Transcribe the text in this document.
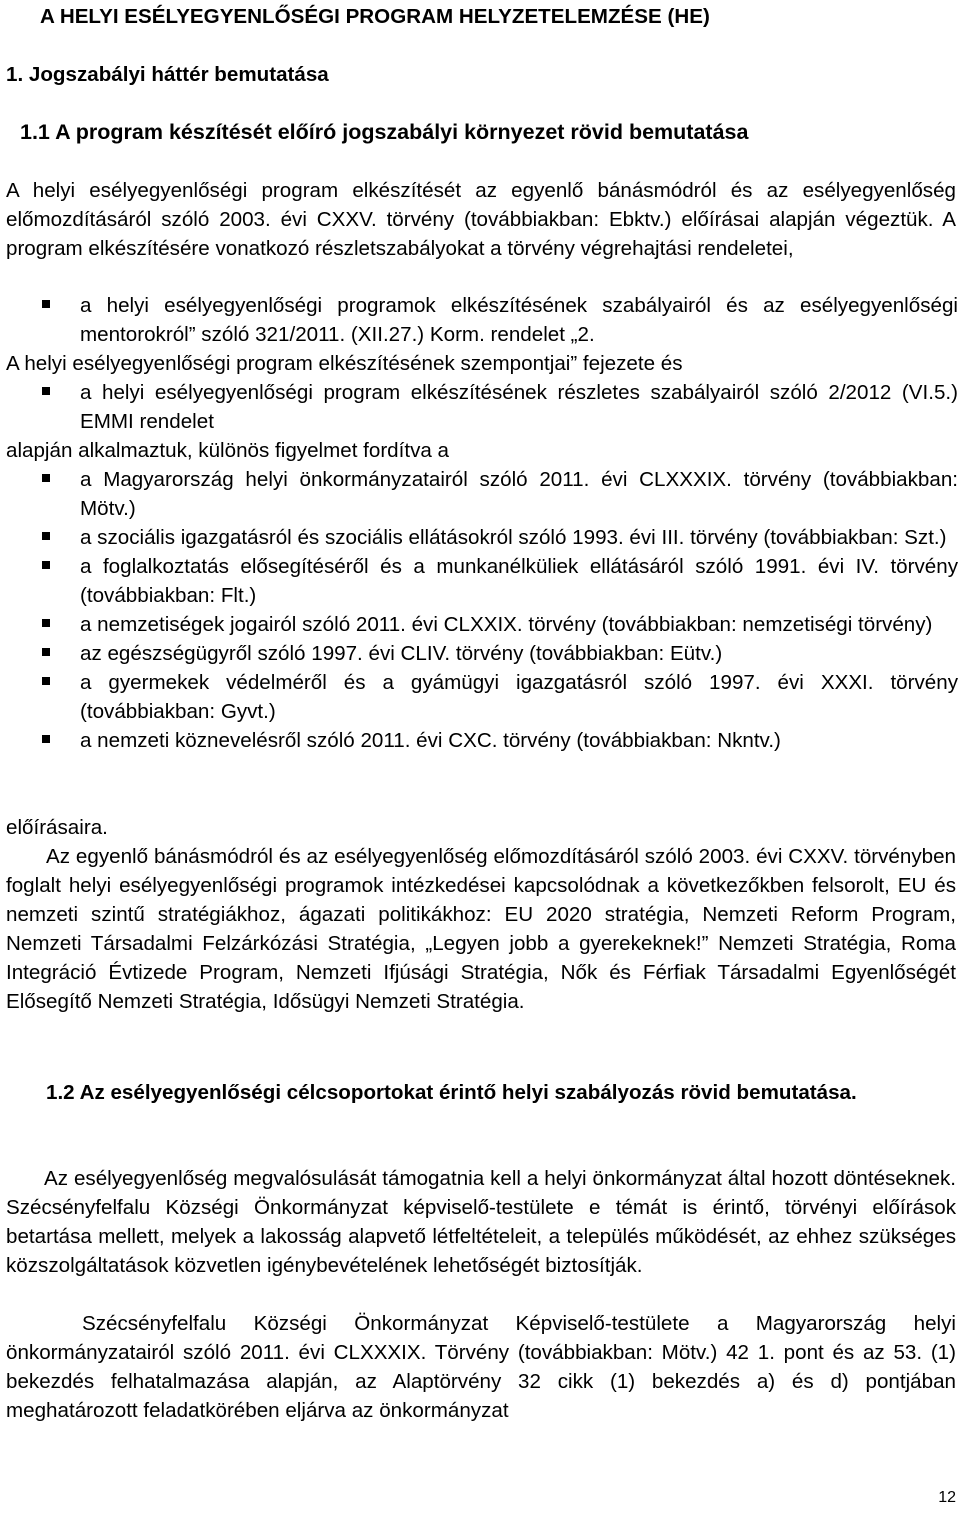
A HELYI ESÉLYEGYENLŐSÉGI PROGRAM HELYZETELEMZÉSE (HE)
1. Jogszabályi háttér bemutatása
1.1 A program készítését előíró jogszabályi környezet rövid bemutatása
A helyi esélyegyenlőségi program elkészítését az egyenlő bánásmódról és az esélyegyenlőség előmozdításáról szóló 2003. évi CXXV. törvény (továbbiakban: Ebktv.) előírásai alapján végeztük. A program elkészítésére vonatkozó részletszabályokat a törvény végrehajtási rendeletei,
a helyi esélyegyenlőségi programok elkészítésének szabályairól és az esélyegyenlőségi mentorokról” szóló 321/2011. (XII.27.) Korm. rendelet „2.
A helyi esélyegyenlőségi program elkészítésének szempontjai” fejezete és
a helyi esélyegyenlőségi program elkészítésének részletes szabályairól szóló 2/2012 (VI.5.) EMMI rendelet
alapján alkalmaztuk, különös figyelmet fordítva a
a Magyarország helyi önkormányzatairól szóló 2011. évi CLXXXIX. törvény (továbbiakban: Mötv.)
a szociális igazgatásról és szociális ellátásokról szóló 1993. évi III. törvény (továbbiakban: Szt.)
a foglalkoztatás elősegítéséről és a munkanélküliek ellátásáról szóló 1991. évi IV. törvény (továbbiakban: Flt.)
a nemzetiségek jogairól szóló 2011. évi CLXXIX. törvény (továbbiakban: nemzetiségi törvény)
az egészségügyről szóló 1997. évi CLIV. törvény (továbbiakban: Eütv.)
a gyermekek védelméről és a gyámügyi igazgatásról szóló 1997. évi XXXI. törvény (továbbiakban: Gyvt.)
a nemzeti köznevelésről szóló 2011. évi CXC. törvény (továbbiakban: Nkntv.)
előírásaira.
Az egyenlő bánásmódról és az esélyegyenlőség előmozdításáról szóló 2003. évi CXXV. törvényben foglalt helyi esélyegyenlőségi programok intézkedései kapcsolódnak a következőkben felsorolt, EU és nemzeti szintű stratégiákhoz, ágazati politikákhoz: EU 2020 stratégia, Nemzeti Reform Program, Nemzeti Társadalmi Felzárkózási Stratégia, „Legyen jobb a gyerekeknek!” Nemzeti Stratégia, Roma Integráció Évtizede Program, Nemzeti Ifjúsági Stratégia, Nők és Férfiak Társadalmi Egyenlőségét Elősegítő Nemzeti Stratégia, Idősügyi Nemzeti Stratégia.
1.2 Az esélyegyenlőségi célcsoportokat érintő helyi szabályozás rövid bemutatása.
Az esélyegyenlőség megvalósulását támogatnia kell a helyi önkormányzat által hozott döntéseknek. Szécsényfelfalu Községi Önkormányzat képviselő-testülete e témát is érintő, törvényi előírások betartása mellett, melyek a lakosság alapvető létfeltételeit, a település működését, az ehhez szükséges közszolgáltatások közvetlen igénybevételének lehetőségét biztosítják.
Szécsényfelfalu Községi Önkormányzat Képviselő-testülete a Magyarország helyi önkormányzatairól szóló 2011. évi CLXXXIX. Törvény (továbbiakban: Mötv.) 42 1. pont és az 53. (1) bekezdés felhatalmazása alapján, az Alaptörvény 32 cikk (1) bekezdés a) és d) pontjában meghatározott feladatkörében eljárva az önkormányzat
12
